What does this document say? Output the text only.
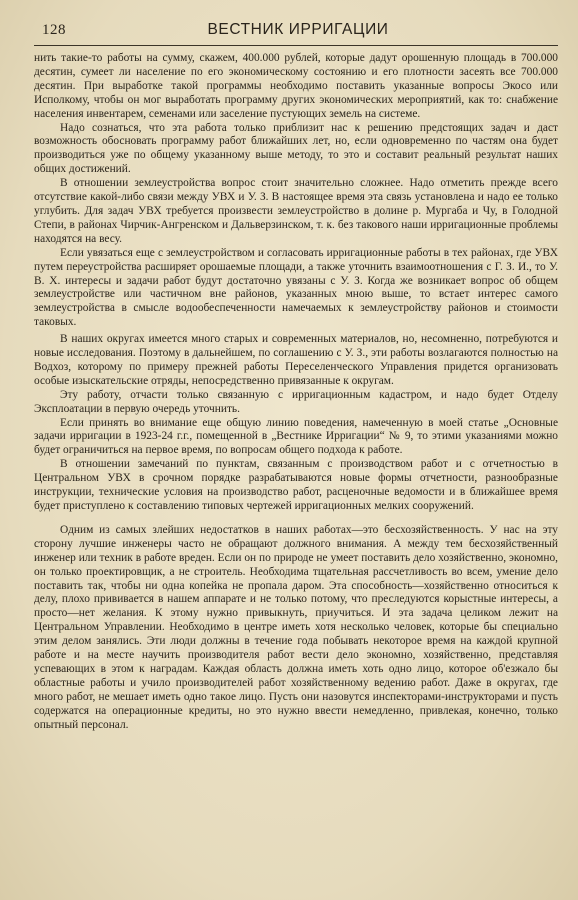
128	ВЕСТНИК ИРРИГАЦИИ

нить такие-то работы на сумму, скажем, 400.000 рублей, которые дадут орошенную площадь в 700.000 десятин, сумеет ли население по его экономическому состоянию и его плотности засеять все 700.000 десятин. При выработке такой программы необходимо поставить указанные вопросы Экосо или Исполкому, чтобы он мог выработать программу других экономических мероприятий, как то: снабжение населения инвентарем, семенами или заселение пустующих земель на системе.

Надо сознаться, что эта работа только приблизит нас к решению предстоящих задач и даст возможность обосновать программу работ ближайших лет, но, если одновременно по частям она будет производиться уже по общему указанному выше методу, то это и составит реальный результат наших общих достижений.

В отношении землеустройства вопрос стоит значительно сложнее. Надо отметить прежде всего отсутствие какой-либо связи между УВХ и У. З. В настоящее время эта связь установлена и надо ее только углубить. Для задач УВХ требуется произвести землеустройство в долине р. Мургаба и Чу, в Голодной Степи, в районах Чирчик-Ангренском и Дальверзинском, т. к. без такового наши ирригационные проблемы находятся на весу.

Если увязаться еще с землеустройством и согласовать ирригационные работы в тех районах, где УВХ путем переустройства расширяет орошаемые площади, а также уточнить взаимоотношения с Г. З. И., то У. В. Х. интересы и задачи работ будут достаточно увязаны с У. З. Когда же возникает вопрос об общем землеустройстве или частичном вне районов, указанных мною выше, то встает интерес самого землеустройства в смысле водообеспеченности намечаемых к землеустройству районов и стоимости таковых.

В наших округах имеется много старых и современных материалов, но, несомненно, потребуются и новые исследования. Поэтому в дальнейшем, по соглашению с У. З., эти работы возлагаются полностью на Водхоз, которому по примеру прежней работы Переселенческого Управления придется организовать особые изыскательские отряды, непосредственно привязанные к округам.

Эту работу, отчасти только связанную с ирригационным кадастром, и надо будет Отделу Эксплоатации в первую очередь уточнить.

Если принять во внимание еще общую линию поведения, намеченную в моей статье „Основные задачи ирригации в 1923-24 г.г., помещенной в „Вестнике Ирригации“ № 9, то этими указаниями можно будет ограничиться на первое время, по вопросам общего подхода к работе.

В отношении замечаний по пунктам, связанным с производством работ и с отчетностью в Центральном УВХ в срочном порядке разрабатываются новые формы отчетности, разнообразные инструкции, технические условия на производство работ, расценочные ведомости и в ближайшее время будет приступлено к составлению типовых чертежей ирригационных мелких сооружений.

Одним из самых злейших недостатков в наших работах—это бесхозяйственность. У нас на эту сторону лучшие инженеры часто не обращают должного внимания. А между тем бесхозяйственный инженер или техник в работе вреден. Если он по природе не умеет поставить дело хозяйственно, экономно, он только проектировщик, а не строитель. Необходима тщательная рассчетливость во всем, умение дело поставить так, чтобы ни одна копейка не пропала даром. Эта способность—хозяйственно относиться к делу, плохо прививается в нашем аппарате и не только потому, что преследуются корыстные интересы, а просто—нет желания. К этому нужно привыкнуть, приучиться. И эта задача целиком лежит на Центральном Управлении. Необходимо в центре иметь хотя несколько человек, которые бы специально этим делом занялись. Эти люди должны в течение года побывать некоторое время на каждой крупной работе и на месте научить производителя работ вести дело экономно, хозяйственно, представляя успевающих в этом к наградам. Каждая область должна иметь хоть одно лицо, которое об'езжало бы областные работы и учило производителей работ хозяйственному ведению работ. Даже в округах, где много работ, не мешает иметь одно такое лицо. Пусть они назовутся инспекторами-инструкторами и пусть содержатся на операционные кредиты, но это нужно ввести немедленно, привлекая, конечно, только опытный персонал.
